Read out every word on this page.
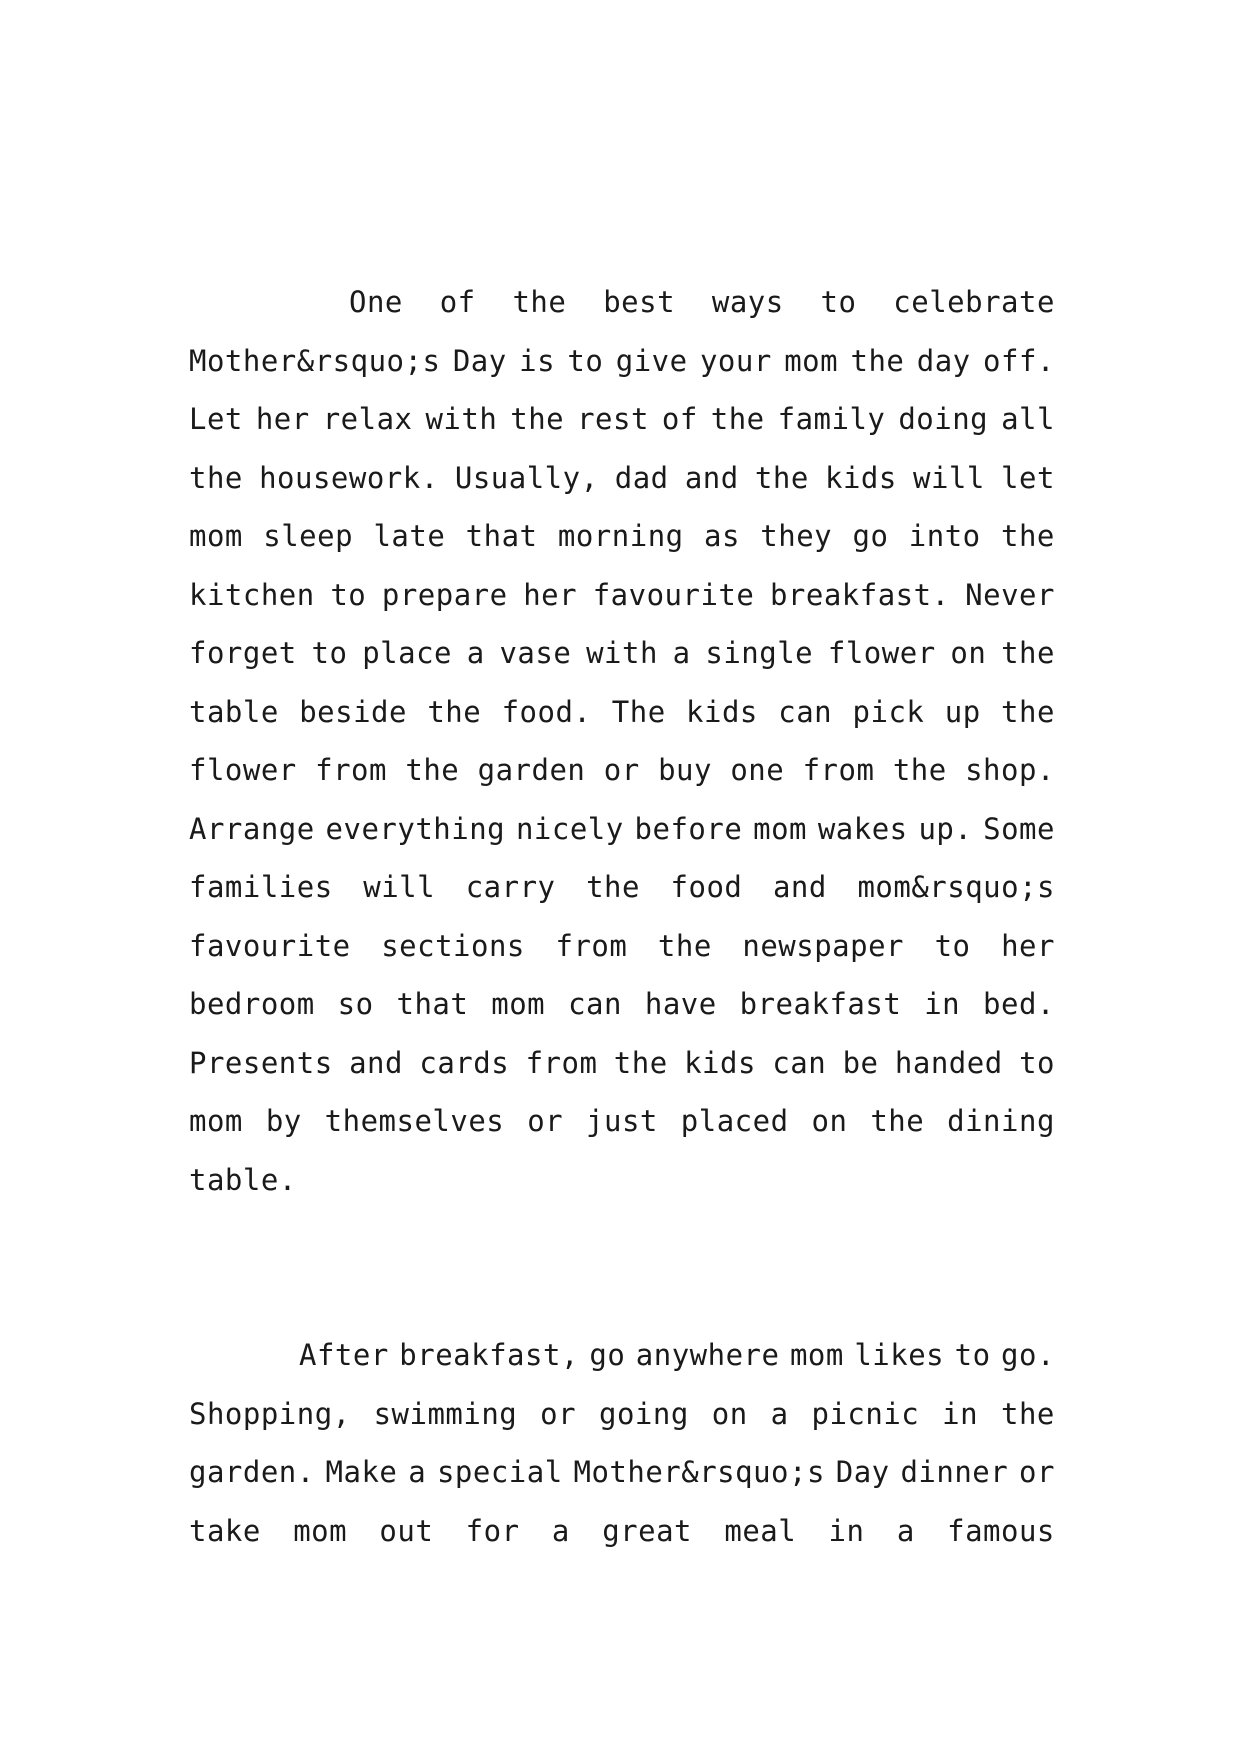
One of the best ways to celebrate
Mother&rsquo;s Day is to give your mom the day off.
Let her relax with the rest of the family doing all
the housework. Usually, dad and the kids will let
mom sleep late that morning as they go into the
kitchen to prepare her favourite breakfast. Never
forget to place a vase with a single flower on the
table beside the food. The kids can pick up the
flower from the garden or buy one from the shop.
Arrange everything nicely before mom wakes up. Some
families will carry the food and mom&rsquo;s
favourite sections from the newspaper to her
bedroom so that mom can have breakfast in bed.
Presents and cards from the kids can be handed to
mom by themselves or just placed on the dining
table.
After breakfast, go anywhere mom likes to go.
Shopping, swimming or going on a picnic in the
garden. Make a special Mother&rsquo;s Day dinner or
take mom out for a great meal in a famous
